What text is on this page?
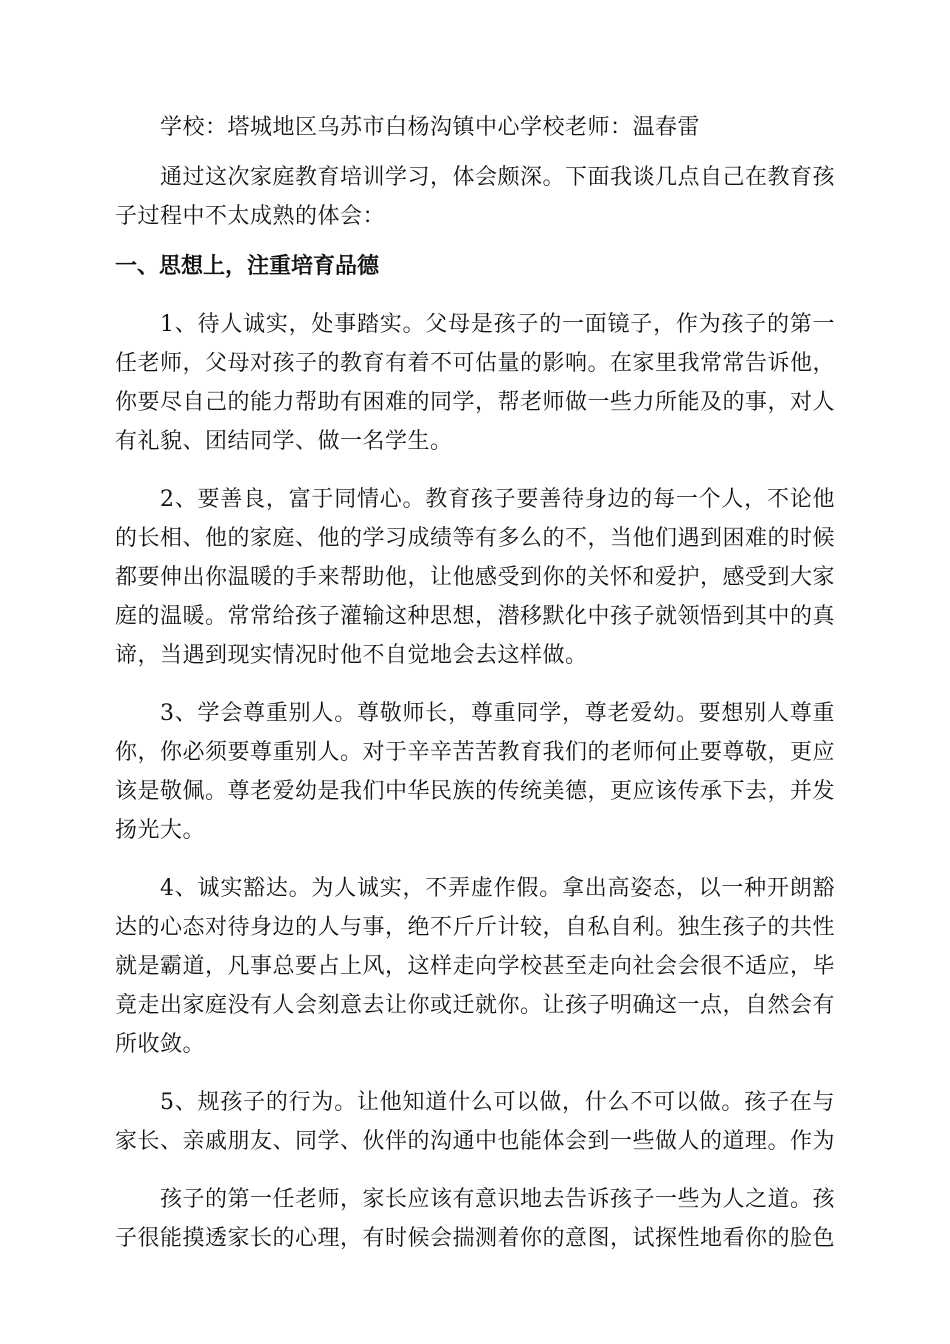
学校：塔城地区乌苏市白杨沟镇中心学校老师：温春雷

通过这次家庭教育培训学习，体会颇深。下面我谈几点自己在教育孩子过程中不太成熟的体会：

一、思想上，注重培育品德

1、待人诚实，处事踏实。父母是孩子的一面镜子，作为孩子的第一任老师，父母对孩子的教育有着不可估量的影响。在家里我常常告诉他，你要尽自己的能力帮助有困难的同学，帮老师做一些力所能及的事，对人有礼貌、团结同学、做一名学生。

2、要善良，富于同情心。教育孩子要善待身边的每一个人，不论他的长相、他的家庭、他的学习成绩等有多么的不，当他们遇到困难的时候都要伸出你温暖的手来帮助他，让他感受到你的关怀和爱护，感受到大家庭的温暖。常常给孩子灌输这种思想，潜移默化中孩子就领悟到其中的真谛，当遇到现实情况时他不自觉地会去这样做。

3、学会尊重别人。尊敬师长，尊重同学，尊老爱幼。要想别人尊重你，你必须要尊重别人。对于辛辛苦苦教育我们的老师何止要尊敬，更应该是敬佩。尊老爱幼是我们中华民族的传统美德，更应该传承下去，并发扬光大。

4、诚实豁达。为人诚实，不弄虚作假。拿出高姿态，以一种开朗豁达的心态对待身边的人与事，绝不斤斤计较，自私自利。独生孩子的共性就是霸道，凡事总要占上风，这样走向学校甚至走向社会会很不适应，毕竟走出家庭没有人会刻意去让你或迁就你。让孩子明确这一点，自然会有所收敛。

5、规孩子的行为。让他知道什么可以做，什么不可以做。孩子在与家长、亲戚朋友、同学、伙伴的沟通中也能体会到一些做人的道理。作为

孩子的第一任老师，家长应该有意识地去告诉孩子一些为人之道。孩子很能摸透家长的心理，有时候会揣测着你的意图，试探性地看你的脸色
